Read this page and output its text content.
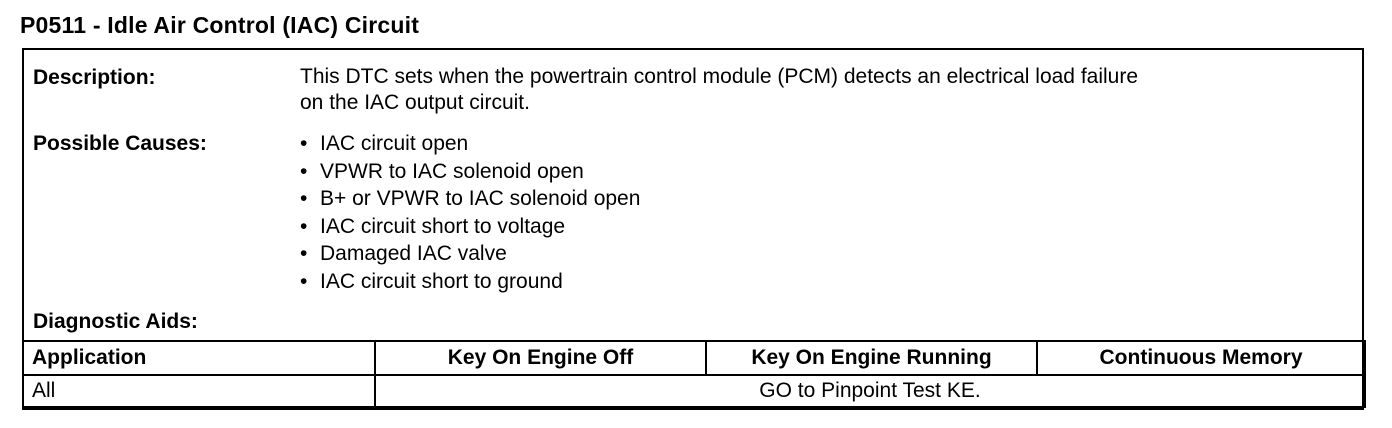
P0511 - Idle Air Control (IAC) Circuit
Description:	This DTC sets when the powertrain control module (PCM) detects an electrical load failure
on the IAC output circuit.
Possible Causes:	• IAC circuit open
• VPWR to IAC solenoid open
• B+ or VPWR to IAC solenoid open
• IAC circuit short to voltage
• Damaged IAC valve
• IAC circuit short to ground
Diagnostic Aids:
Application	Key On Engine Off	Key On Engine Running	Continuous Memory
All	GO to Pinpoint Test KE.		
